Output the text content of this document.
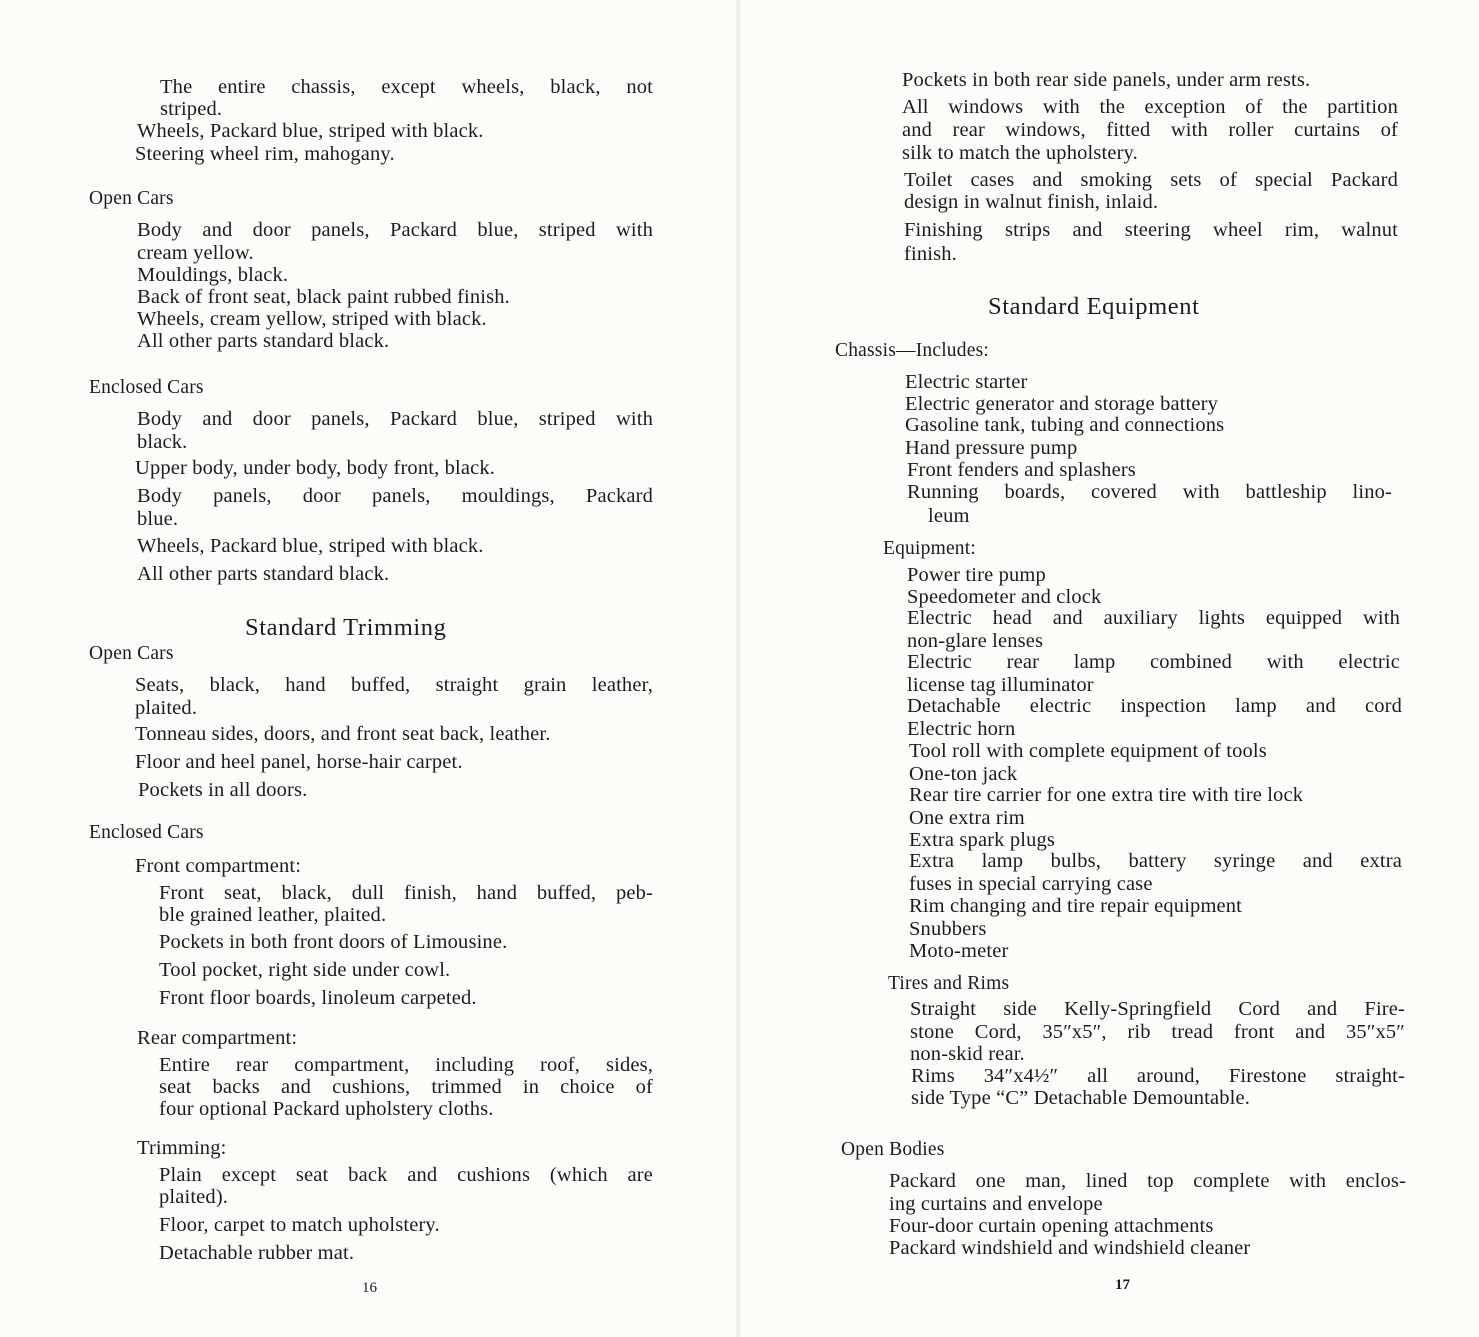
The entire chassis, except wheels, black, not
striped.
Wheels, Packard blue, striped with black.
Steering wheel rim, mahogany.
Open Cars
Body and door panels, Packard blue, striped with
cream yellow.
Mouldings, black.
Back of front seat, black paint rubbed finish.
Wheels, cream yellow, striped with black.
All other parts standard black.
Enclosed Cars
Body and door panels, Packard blue, striped with
black.
Upper body, under body, body front, black.
Body panels, door panels, mouldings, Packard
blue.
Wheels, Packard blue, striped with black.
All other parts standard black.
Standard Trimming
Open Cars
Seats, black, hand buffed, straight grain leather,
plaited.
Tonneau sides, doors, and front seat back, leather.
Floor and heel panel, horse-hair carpet.
Pockets in all doors.
Enclosed Cars
Front compartment:
Front seat, black, dull finish, hand buffed, peb-
ble grained leather, plaited.
Pockets in both front doors of Limousine.
Tool pocket, right side under cowl.
Front floor boards, linoleum carpeted.
Rear compartment:
Entire rear compartment, including roof, sides,
seat backs and cushions, trimmed in choice of
four optional Packard upholstery cloths.
Trimming:
Plain except seat back and cushions (which are
plaited).
Floor, carpet to match upholstery.
Detachable rubber mat.
16
Pockets in both rear side panels, under arm rests.
All windows with the exception of the partition
and rear windows, fitted with roller curtains of
silk to match the upholstery.
Toilet cases and smoking sets of special Packard
design in walnut finish, inlaid.
Finishing strips and steering wheel rim, walnut
finish.
Standard Equipment
Chassis—Includes:
Electric starter
Electric generator and storage battery
Gasoline tank, tubing and connections
Hand pressure pump
Front fenders and splashers
Running boards, covered with battleship lino-
leum
Equipment:
Power tire pump
Speedometer and clock
Electric head and auxiliary lights equipped with
non-glare lenses
Electric rear lamp combined with electric
license tag illuminator
Detachable electric inspection lamp and cord
Electric horn
Tool roll with complete equipment of tools
One-ton jack
Rear tire carrier for one extra tire with tire lock
One extra rim
Extra spark plugs
Extra lamp bulbs, battery syringe and extra
fuses in special carrying case
Rim changing and tire repair equipment
Snubbers
Moto-meter
Tires and Rims
Straight side Kelly-Springfield Cord and Fire-
stone Cord, 35″x5″, rib tread front and 35″x5″
non-skid rear.
Rims 34″x4½″ all around, Firestone straight-
side Type “C” Detachable Demountable.
Open Bodies
Packard one man, lined top complete with enclos-
ing curtains and envelope
Four-door curtain opening attachments
Packard windshield and windshield cleaner
17
